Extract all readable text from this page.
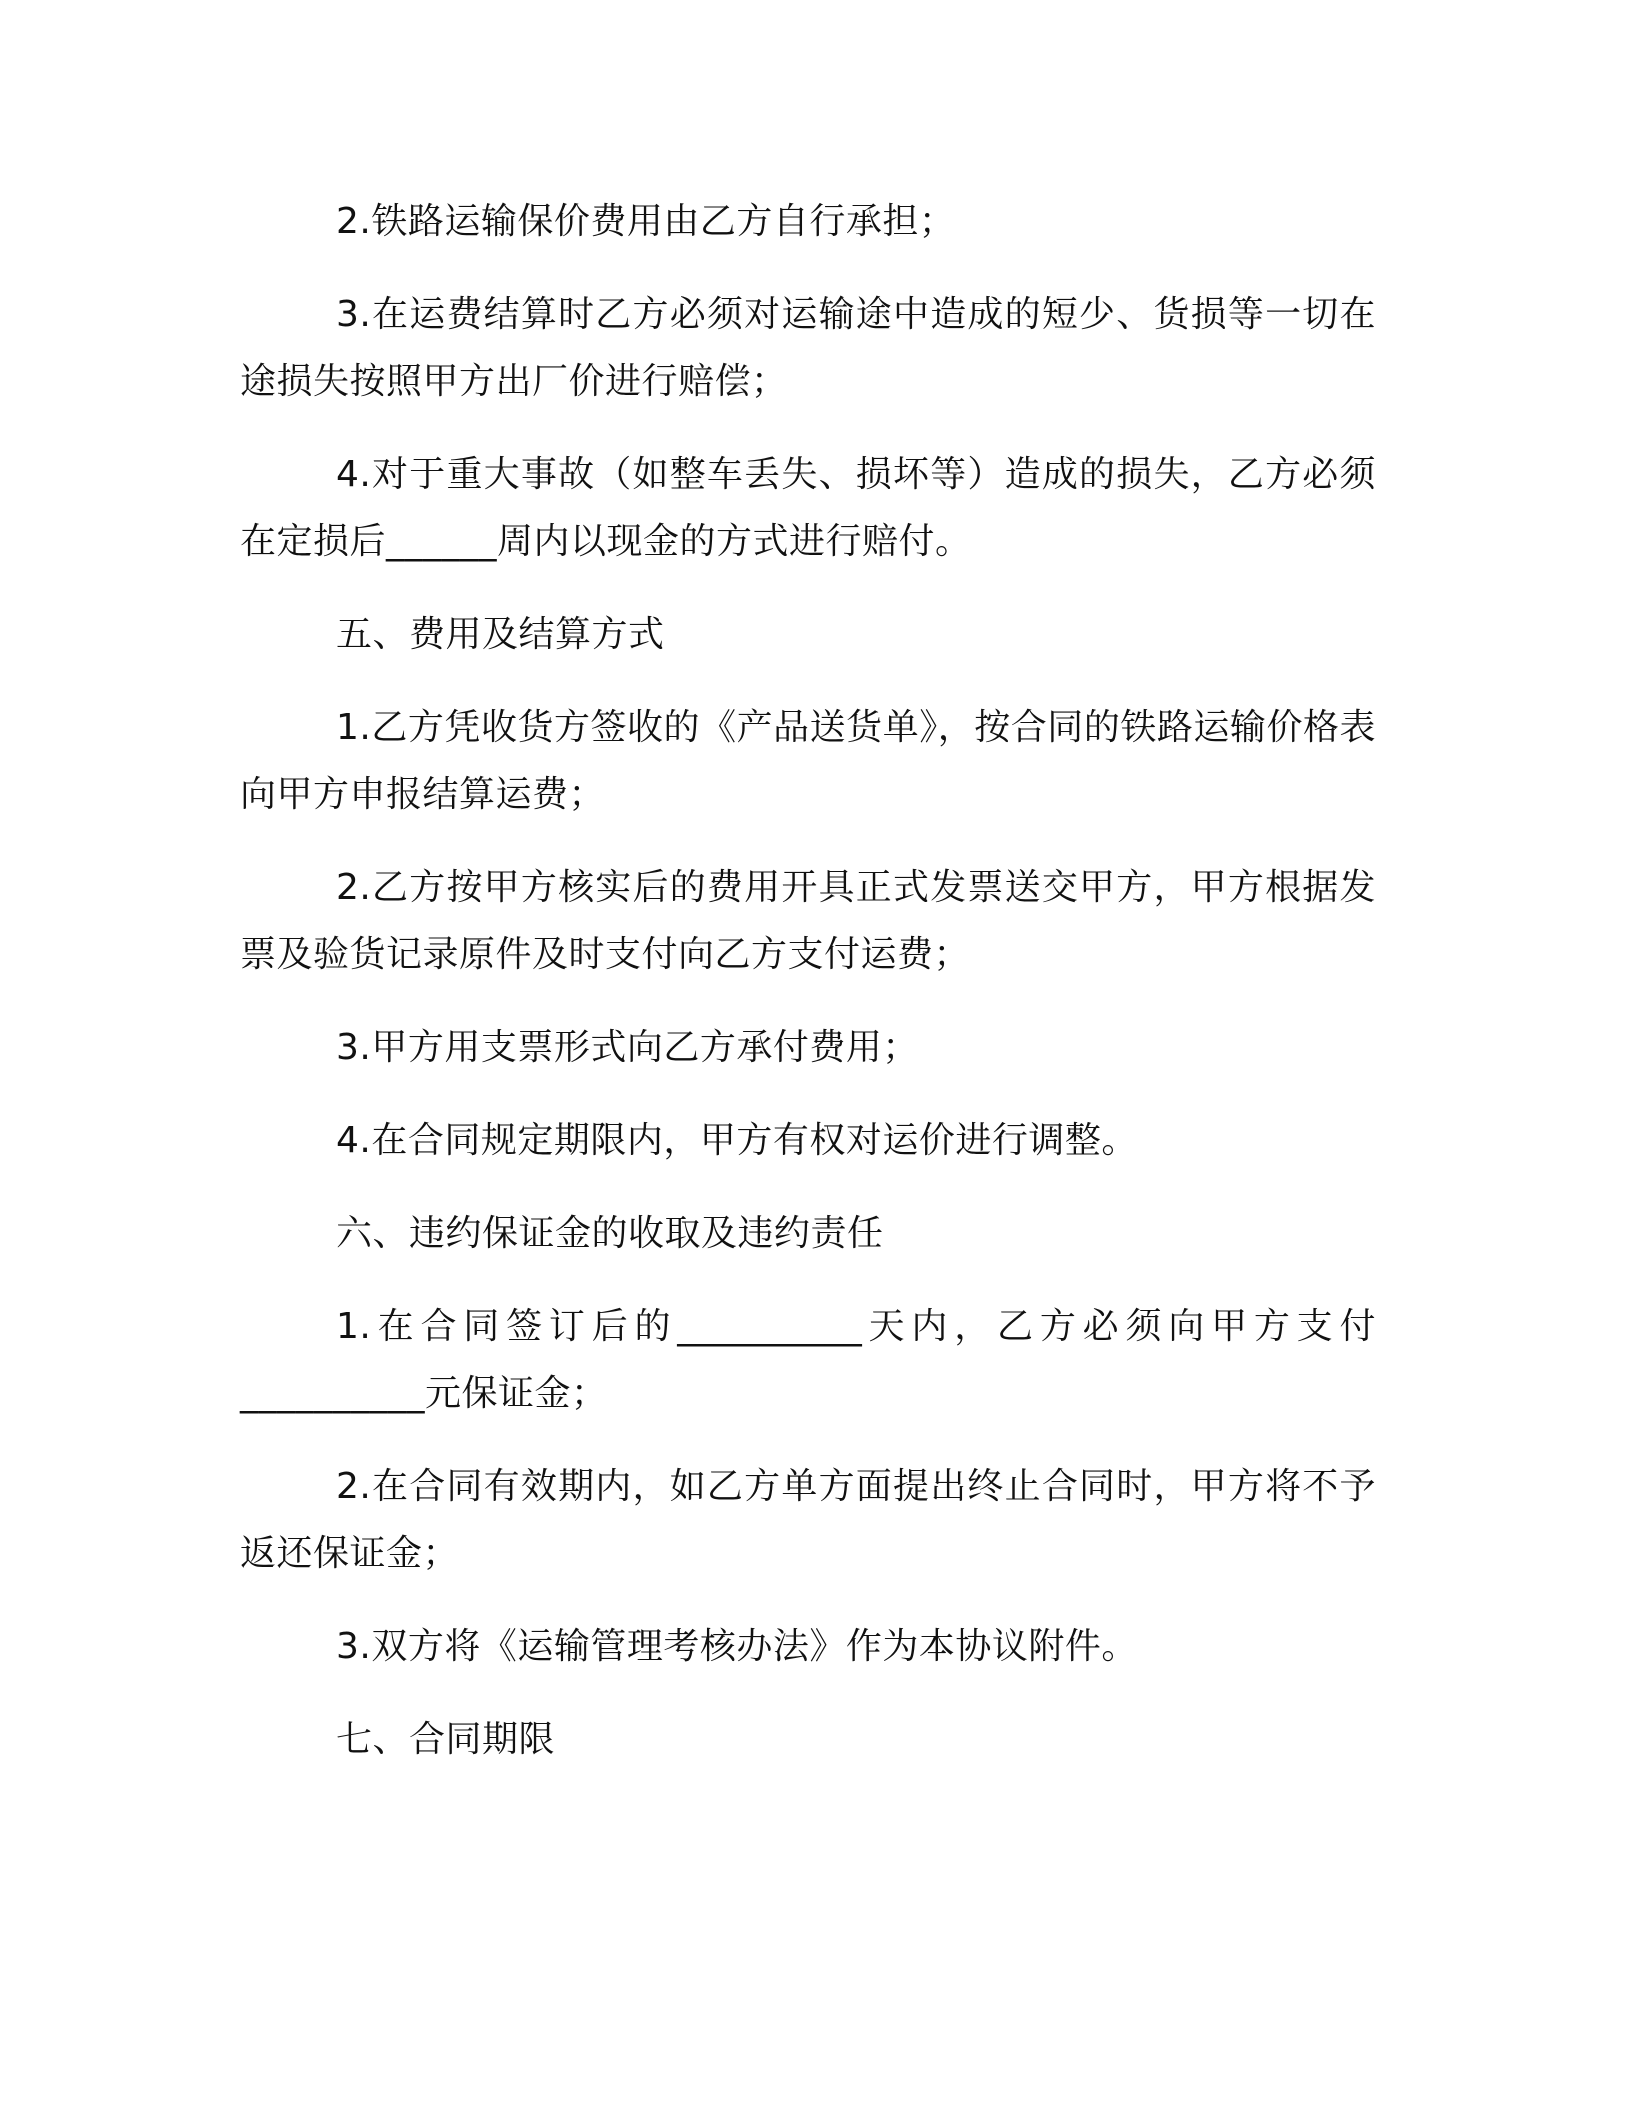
2.铁路运输保价费用由乙方自行承担；

3.在运费结算时乙方必须对运输途中造成的短少、货损等一切在途损失按照甲方出厂价进行赔偿；

4.对于重大事故（如整车丢失、损坏等）造成的损失，乙方必须在定损后______周内以现金的方式进行赔付。

五、费用及结算方式

1.乙方凭收货方签收的《产品送货单》，按合同的铁路运输价格表向甲方申报结算运费；

2.乙方按甲方核实后的费用开具正式发票送交甲方，甲方根据发票及验货记录原件及时支付向乙方支付运费；

3.甲方用支票形式向乙方承付费用；

4.在合同规定期限内，甲方有权对运价进行调整。

六、违约保证金的收取及违约责任

1.在合同签订后的__________天内，乙方必须向甲方支付__________元保证金；

2.在合同有效期内，如乙方单方面提出终止合同时，甲方将不予返还保证金；

3.双方将《运输管理考核办法》作为本协议附件。

七、合同期限
